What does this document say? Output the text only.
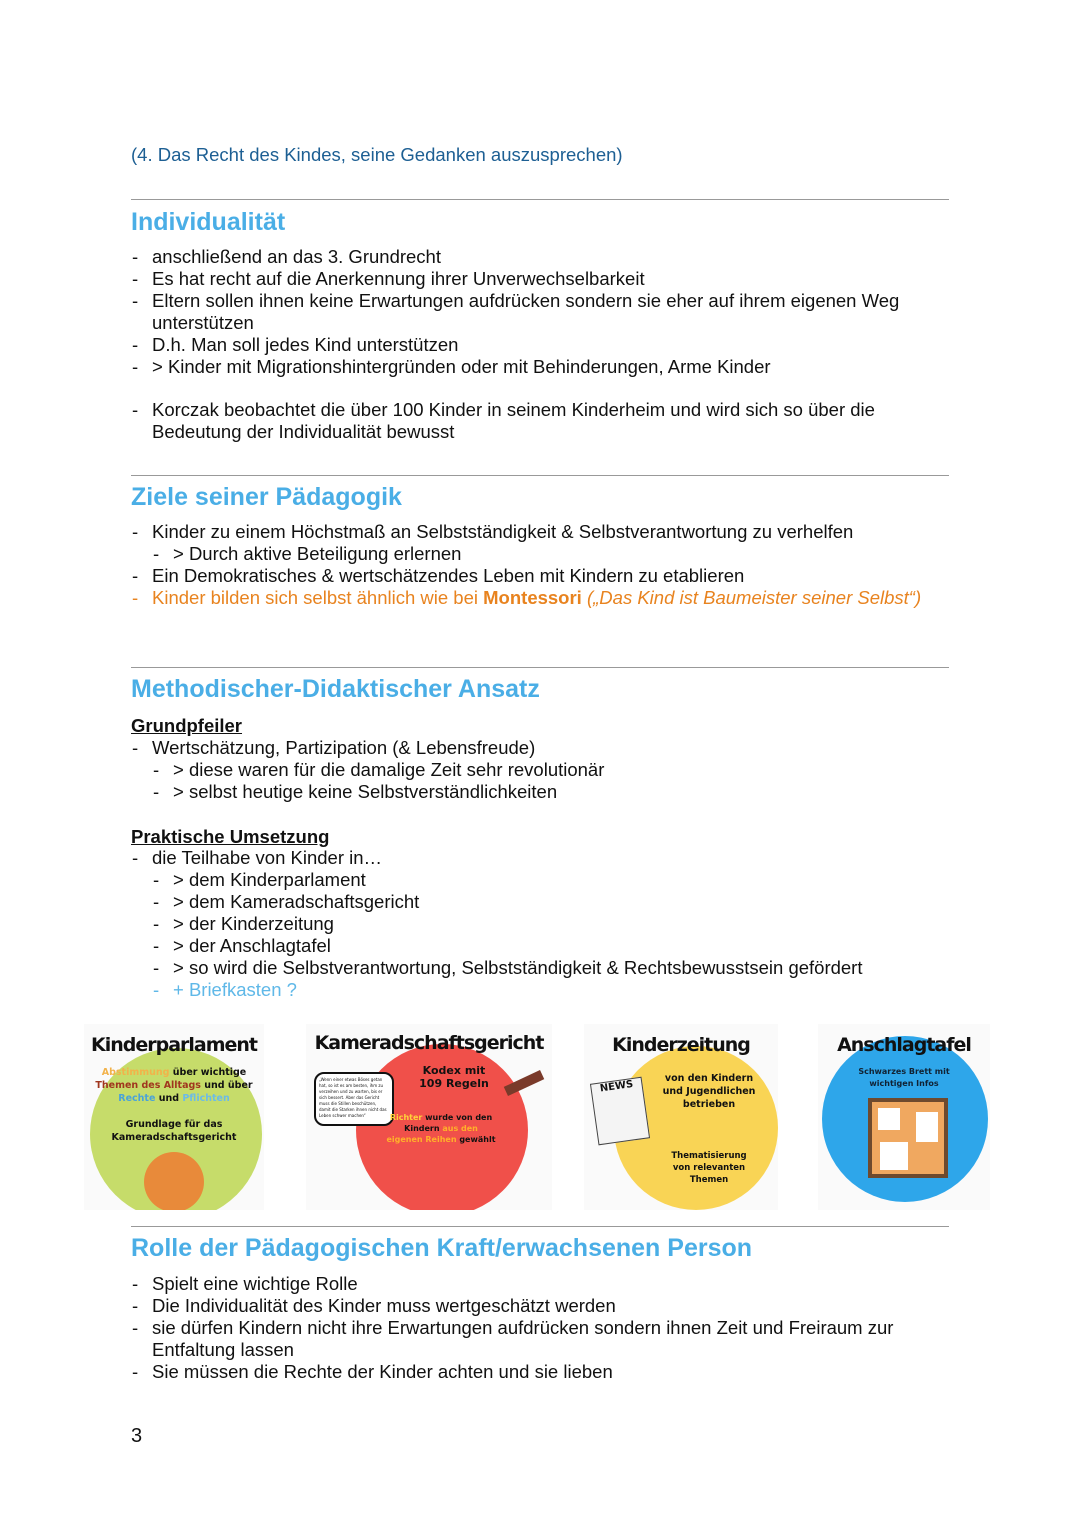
(4. Das Recht des Kindes, seine Gedanken auszusprechen)
Individualität
- anschließend an das 3. Grundrecht
- Es hat recht auf die Anerkennung ihrer Unverwechselbarkeit
- Eltern sollen ihnen keine Erwartungen aufdrücken sondern sie eher auf ihrem eigenen Weg unterstützen
- D.h. Man soll jedes Kind unterstützen
- > Kinder mit Migrationshintergründen oder mit Behinderungen, Arme Kinder
- Korczak beobachtet die über 100 Kinder in seinem Kinderheim und wird sich so über die Bedeutung der Individualität bewusst
Ziele seiner Pädagogik
- Kinder zu einem Höchstmaß an Selbstständigkeit & Selbstverantwortung zu verhelfen
- > Durch aktive Beteiligung erlernen
- Ein Demokratisches & wertschätzendes Leben mit Kindern zu etablieren
- Kinder bilden sich selbst ähnlich wie bei Montessori („Das Kind ist Baumeister seiner Selbst“)
Methodischer-Didaktischer Ansatz
Grundpfeiler
- Wertschätzung, Partizipation (& Lebensfreude)
- > diese waren für die damalige Zeit sehr revolutionär
- > selbst heutige keine Selbstverständlichkeiten
Praktische Umsetzung
- die Teilhabe von Kinder in…
- > dem Kinderparlament
- > dem Kameradschaftsgericht
- > der Kinderzeitung
- > der Anschlagtafel
- > so wird die Selbstverantwortung, Selbstständigkeit & Rechtsbewusstsein gefördert
- + Briefkasten ?
Kinderparlament
Abstimmung über wichtige
Themen des Alltags und über
Rechte und Pflichten
Grundlage für das Kameradschaftsgericht
Kameradschaftsgericht
„Wenn einer etwas Böses getan hat, so ist es am besten, ihm zu verzeihen und zu warten, bis er sich bessert. Aber das Gericht muss die Stillen beschützen, damit die Starken ihnen nicht das Leben schwer machen“
Kodex mit 109 Regeln
Richter wurde von den Kindern aus den eigenen Reihen gewählt
Kinderzeitung
NEWS
von den Kindern und Jugendlichen betrieben
Thematisierung von relevanten Themen
Anschlagtafel
Schwarzes Brett mit wichtigen Infos
Rolle der Pädagogischen Kraft/erwachsenen Person
- Spielt eine wichtige Rolle
- Die Individualität des Kinder muss wertgeschätzt werden
- sie dürfen Kindern nicht ihre Erwartungen aufdrücken sondern ihnen Zeit und Freiraum zur Entfaltung lassen
- Sie müssen die Rechte der Kinder achten und sie lieben
3
